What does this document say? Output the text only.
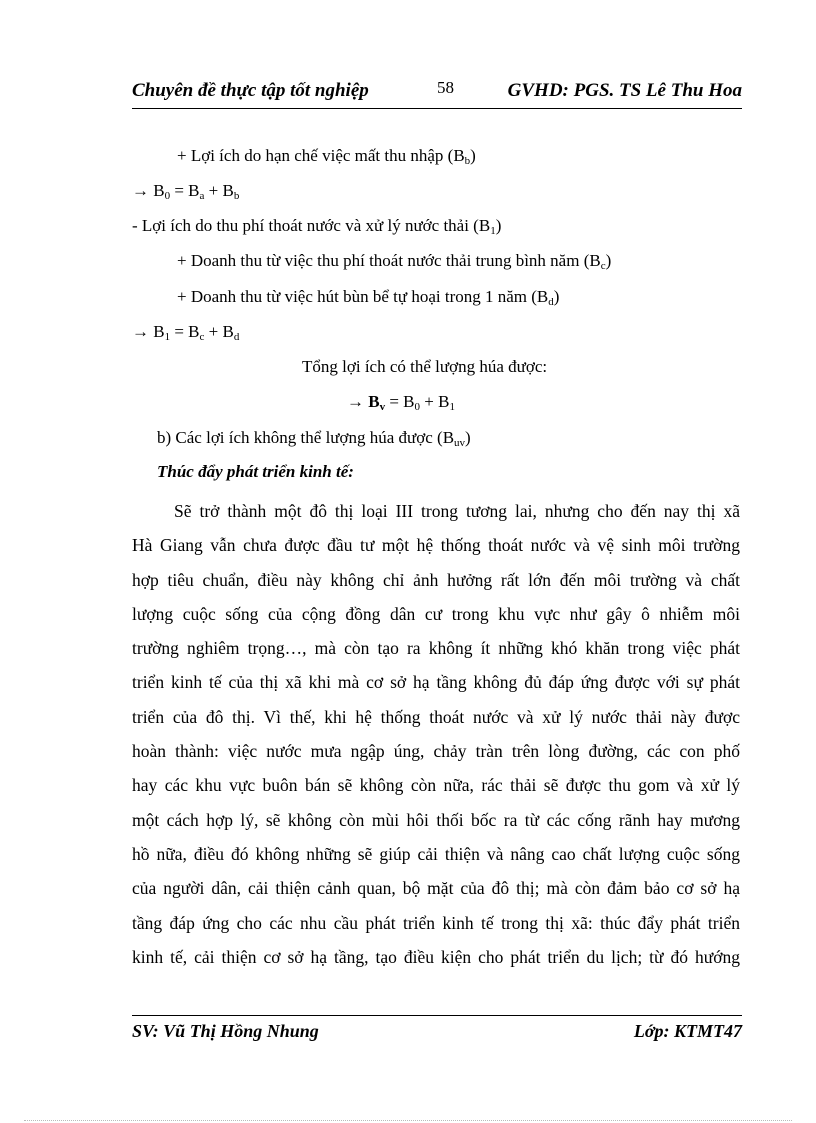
Chuyên đề thực tập tốt nghiệp	58	GVHD: PGS. TS Lê Thu Hoa
+ Lợi ích do hạn chế việc mất thu nhập $(B_b)$
→ $B_0 = B_a + B_b$
- Lợi ích do thu phí thoát nước và xử lý nước thải $(B_1)$
+ Doanh thu từ việc thu phí thoát nước thải trung bình năm $(B_c)$
+ Doanh thu từ việc hút bùn bể tự hoại trong 1 năm $(B_d)$
→ $B_1 = B_c + B_d$
Tổng lợi ích có thể lượng húa được:
→ $B_v = B_0 + B_1$
b) Các lợi ích không thể lượng húa được $(B_{uv})$
Thúc đẩy phát triển kinh tế:
Sẽ trở thành một đô thị loại III trong tương lai, nhưng cho đến nay thị xã
Hà Giang vẫn chưa được đầu tư một hệ thống thoát nước và vệ sinh môi trường
hợp tiêu chuẩn, điều này không chỉ ảnh hưởng rất lớn đến môi trường và chất
lượng cuộc sống của cộng đồng dân cư trong khu vực như gây ô nhiễm môi
trường nghiêm trọng…, mà còn tạo ra không ít những khó khăn trong việc phát
triển kinh tế của thị xã khi mà cơ sở hạ tầng không đủ đáp ứng được với sự phát
triển của đô thị. Vì thế, khi hệ thống thoát nước và xử lý nước thải này được
hoàn thành: việc nước mưa ngập úng, chảy tràn trên lòng đường, các con phố
hay các khu vực buôn bán sẽ không còn nữa, rác thải sẽ được thu gom và xử lý
một cách hợp lý, sẽ không còn mùi hôi thối bốc ra từ các cống rãnh hay mương
hồ nữa, điều đó không những sẽ giúp cải thiện và nâng cao chất lượng cuộc sống
của người dân, cải thiện cảnh quan, bộ mặt của đô thị; mà còn đảm bảo cơ sở hạ
tầng đáp ứng cho các nhu cầu phát triển kinh tế trong thị xã: thúc đẩy phát triển
kinh tế, cải thiện cơ sở hạ tầng, tạo điều kiện cho phát triển du lịch; từ đó hướng
SV: Vũ Thị Hồng Nhung	Lớp: KTMT47
